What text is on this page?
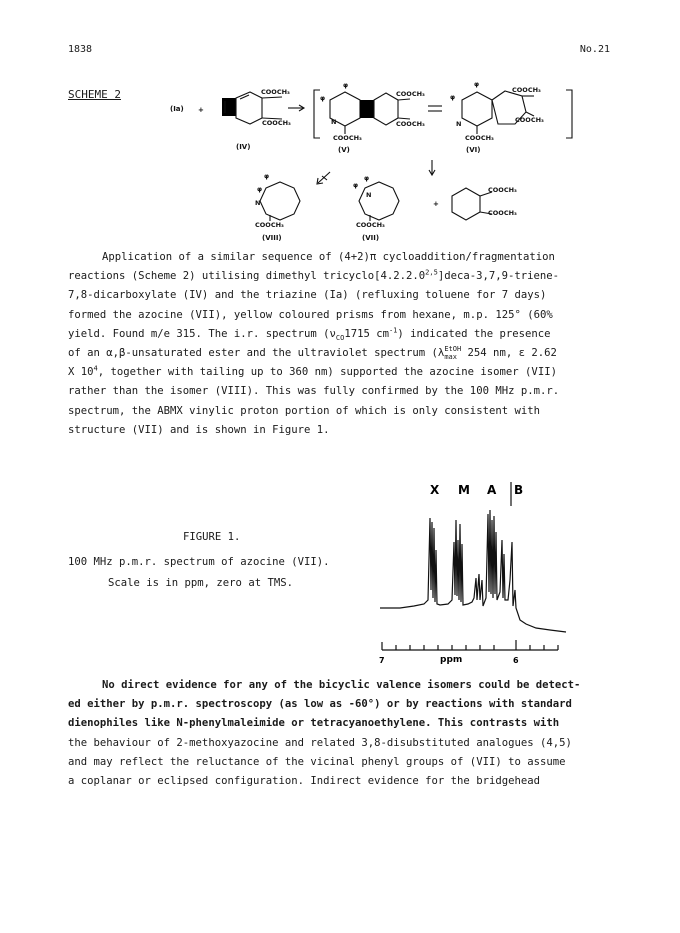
1838	No.21
SCHEME 2
(Ia) +
COOCH₃
COOCH₃
(IV)
N
φ
φ	COOCH₃
COOCH₃
COOCH₃
(V)
N
φ
φ
COOCH₃
COOCH₃
COOCH₃
(VI)
N
φ
φ
COOCH₃
(VIII)
N
φ
φ
COOCH₃
(VII)
+
COOCH₃
COOCH₃
Application of a similar sequence of (4+2)π cycloaddition/fragmentation
reactions (Scheme 2) utilising dimethyl tricyclo[4.2.2.0$^{2,5}$]deca-3,7,9-triene-
7,8-dicarboxylate (IV) and the triazine (Ia) (refluxing toluene for 7 days)
formed the azocine (VII), yellow coloured prisms from hexane, m.p. 125° (60%
yield. Found m/e 315. The i.r. spectrum ($\nu_{CO}1715$ $cm^{-1}$) indicated the presence
of an α,β-unsaturated ester and the ultraviolet spectrum (λ EtOH
max 254 nm, ε 2.62
X $10^4$, together with tailing up to 360 nm) supported the azocine isomer (VII)
rather than the isomer (VIII). This was fully confirmed by the 100 MHz p.m.r.
spectrum, the ABMX vinylic proton portion of which is only consistent with
structure (VII) and is shown in Figure 1.
FIGURE 1.
100 MHz p.m.r. spectrum of azocine (VII).
Scale is in ppm, zero at TMS.
X M A B
7	ppm	6
No direct evidence for any of the bicyclic valence isomers could be detect-
ed either by p.m.r. spectroscopy (as low as -60°) or by reactions with standard
dienophiles like N-phenylmaleimide or tetracyanoethylene. This contrasts with
the behaviour of 2-methoxyazocine and related 3,8-disubstituted analogues (4,5)
and may reflect the reluctance of the vicinal phenyl groups of (VII) to assume
a coplanar or eclipsed configuration. Indirect evidence for the bridgehead
